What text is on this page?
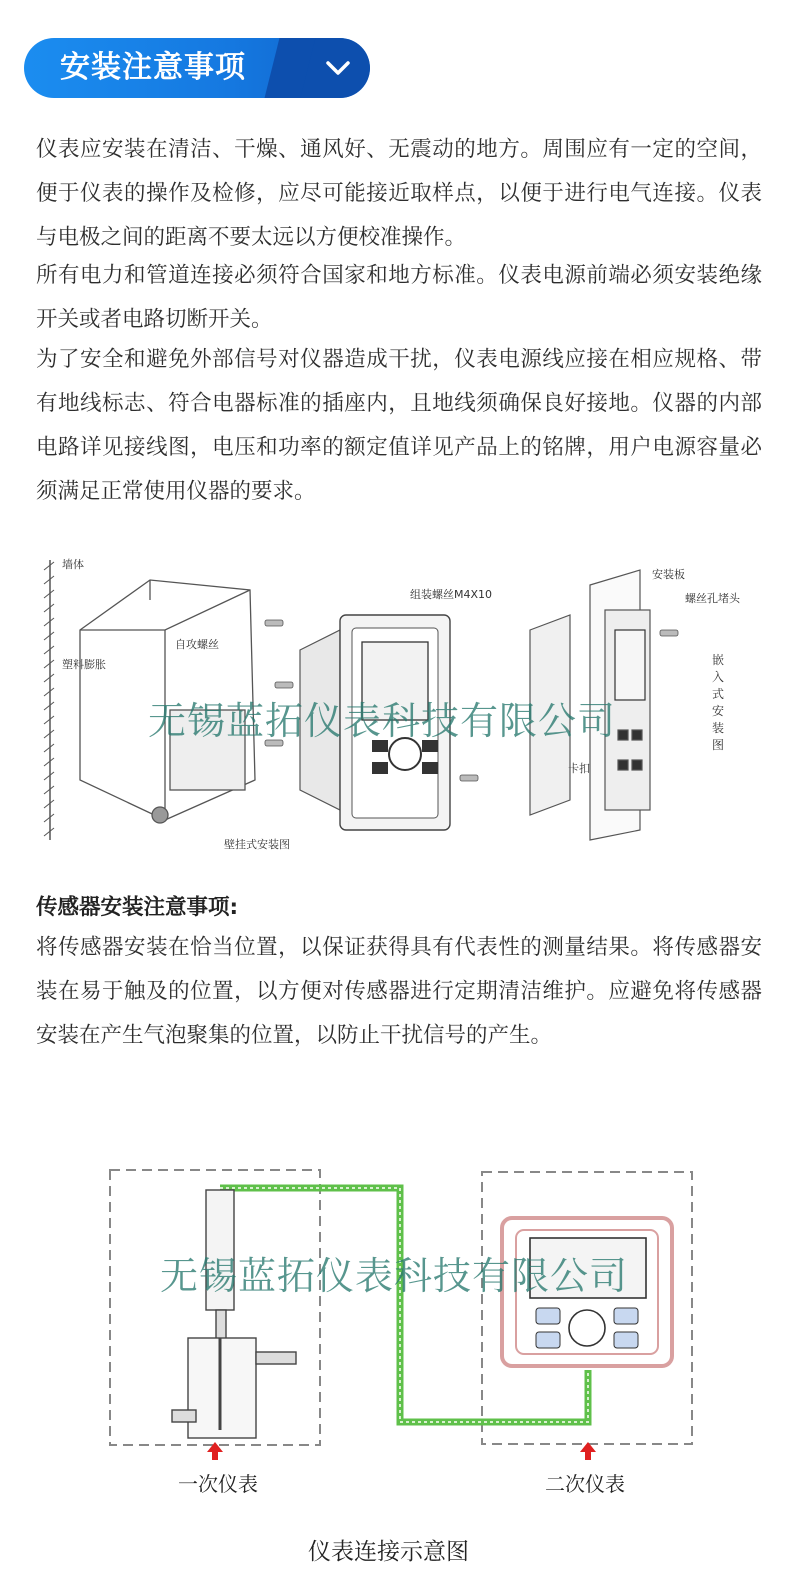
安装注意事项

仪表应安装在清洁、干燥、通风好、无震动的地方。周围应有一定的空间，便于仪表的操作及检修，应尽可能接近取样点，以便于进行电气连接。仪表与电极之间的距离不要太远以方便校准操作。

所有电力和管道连接必须符合国家和地方标准。仪表电源前端必须安装绝缘开关或者电路切断开关。

为了安全和避免外部信号对仪器造成干扰，仪表电源线应接在相应规格、带有地线标志、符合电器标准的插座内，且地线须确保良好接地。仪器的内部电路详见接线图，电压和功率的额定值详见产品上的铭牌，用户电源容量必须满足正常使用仪器的要求。

墙体
塑料膨胀
自攻螺丝
组装螺丝M4X10
安装板
螺丝孔堵头
卡扣
壁挂式安装图
嵌入式安装图
无锡蓝拓仪表科技有限公司
传感器安装注意事项:

将传感器安装在恰当位置，以保证获得具有代表性的测量结果。将传感器安装在易于触及的位置，以方便对传感器进行定期清洁维护。应避免将传感器安装在产生气泡聚集的位置，以防止干扰信号的产生。

无锡蓝拓仪表科技有限公司
一次仪表	二次仪表
仪表连接示意图
